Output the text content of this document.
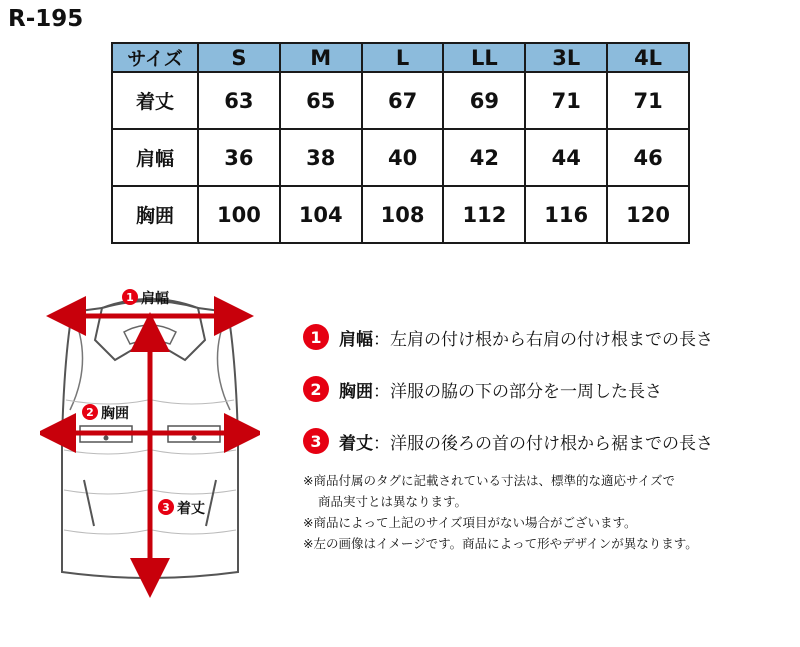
R-195
サイズ	S	M	L	LL	3L	4L
着丈	63	65	67	69	71	71
肩幅	36	38	40	42	44	46
胸囲	100	104	108	112	116	120
1 肩幅
2 胸囲
3 着丈
1	肩幅：左肩の付け根から右肩の付け根までの長さ
2	胸囲：洋服の脇の下の部分を一周した長さ
3	着丈：洋服の後ろの首の付け根から裾までの長さ
※商品付属のタグに記載されている寸法は、標準的な適応サイズで
商品実寸とは異なります。
※商品によって上記のサイズ項目がない場合がございます。
※左の画像はイメージです。商品によって形やデザインが異なります。
